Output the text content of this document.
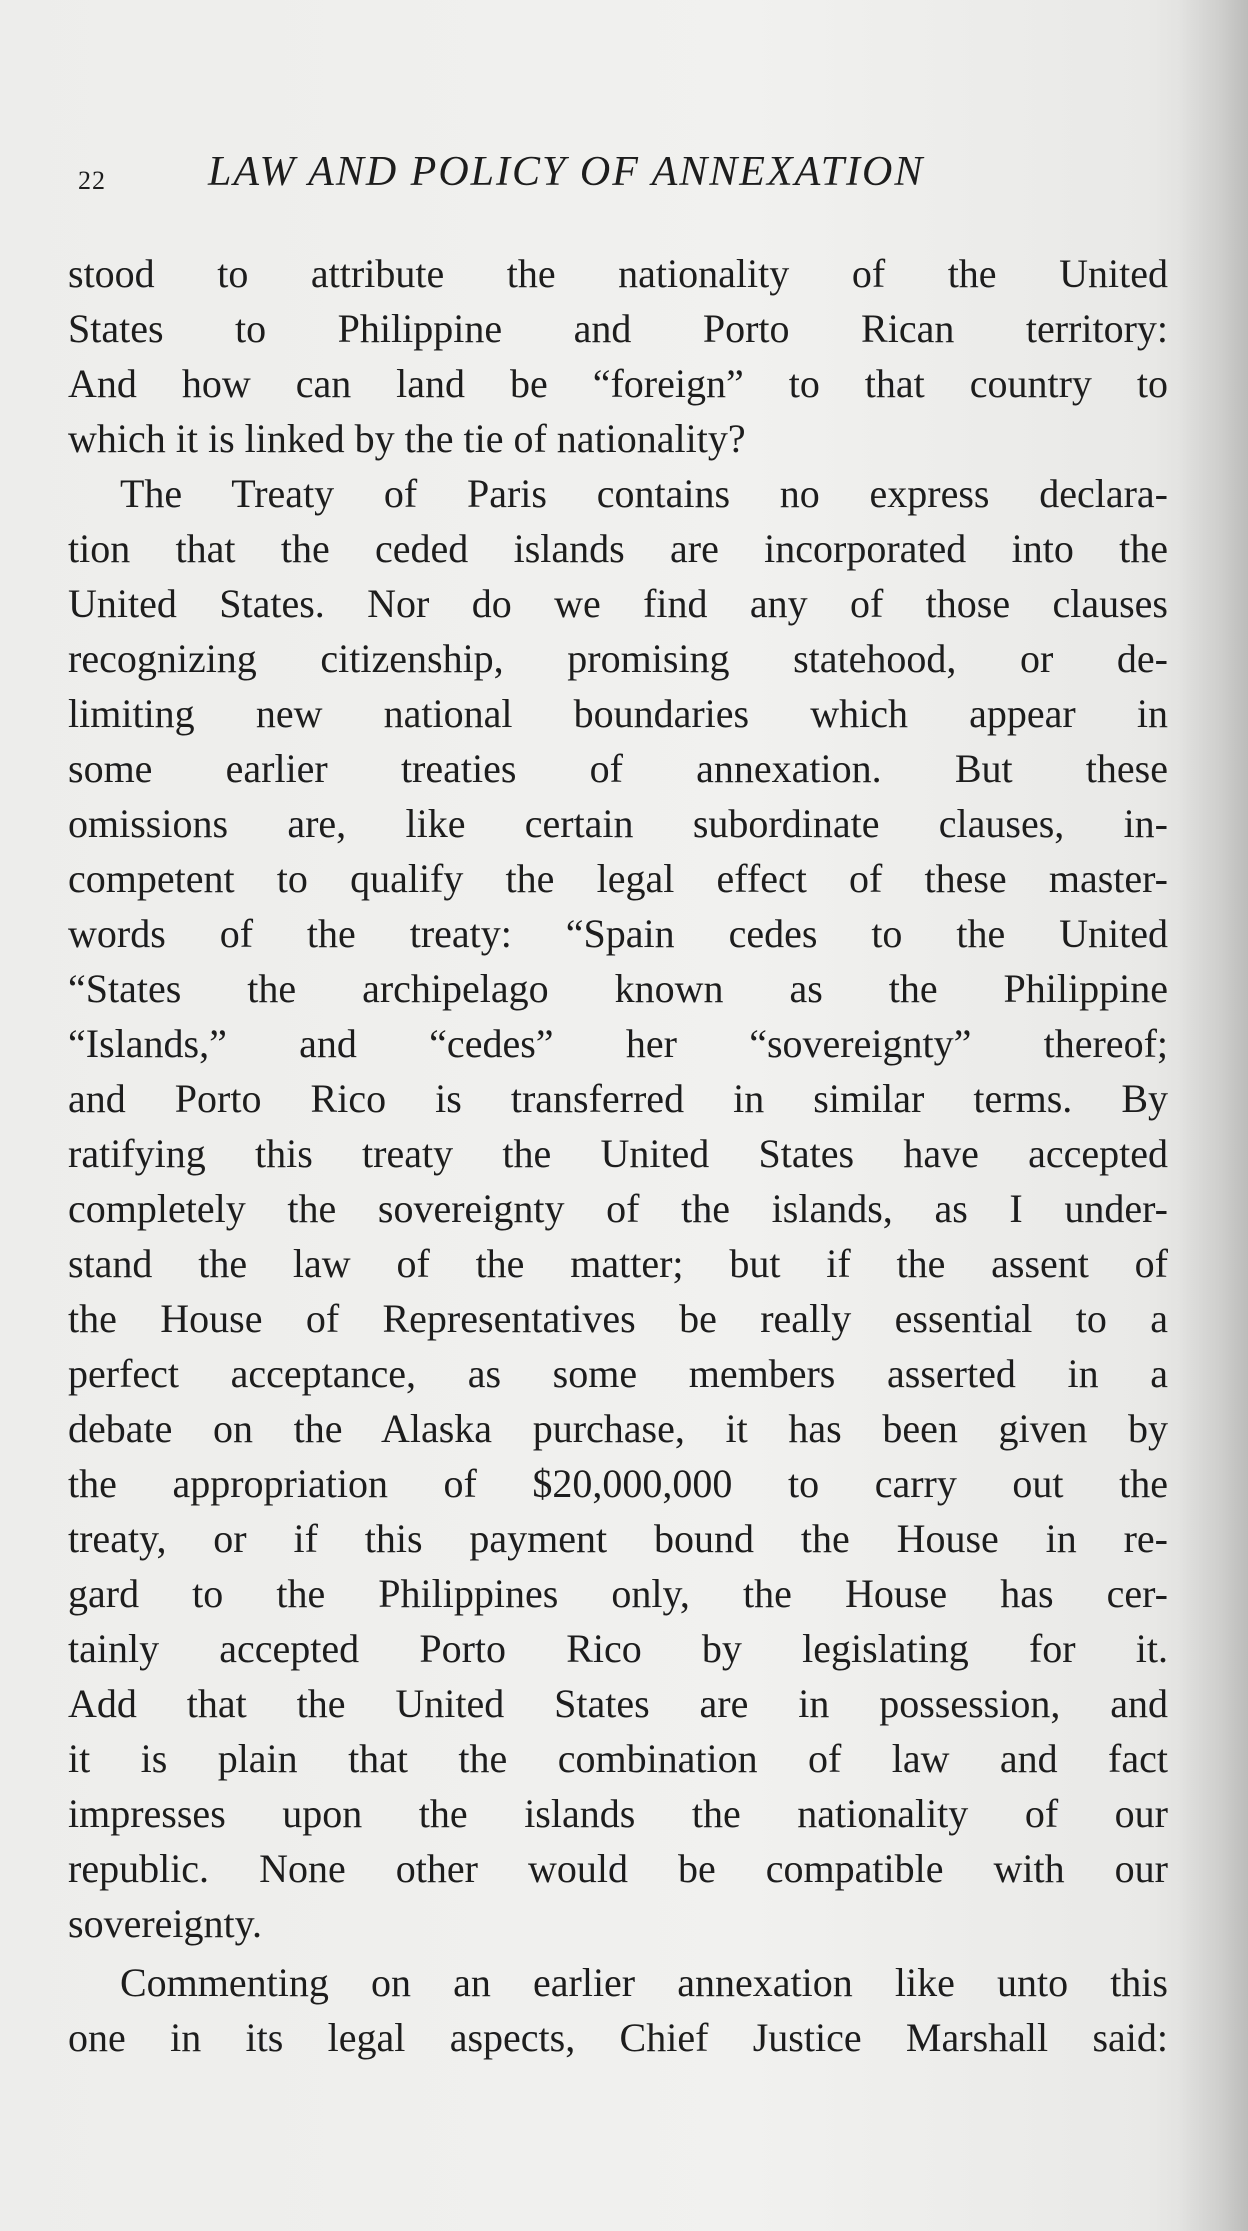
22 LAW AND POLICY OF ANNEXATION
stood to attribute the nationality of the United
States to Philippine and Porto Rican territory:
And how can land be “foreign” to that country to
which it is linked by the tie of nationality?
The Treaty of Paris contains no express declara-
tion that the ceded islands are incorporated into the
United States. Nor do we find any of those clauses
recognizing citizenship, promising statehood, or de-
limiting new national boundaries which appear in
some earlier treaties of annexation. But these
omissions are, like certain subordinate clauses, in-
competent to qualify the legal effect of these master-
words of the treaty: “Spain cedes to the United
“States the archipelago known as the Philippine
“Islands,” and “cedes” her “sovereignty” thereof;
and Porto Rico is transferred in similar terms. By
ratifying this treaty the United States have accepted
completely the sovereignty of the islands, as I under-
stand the law of the matter; but if the assent of
the House of Representatives be really essential to a
perfect acceptance, as some members asserted in a
debate on the Alaska purchase, it has been given by
the appropriation of $20,000,000 to carry out the
treaty, or if this payment bound the House in re-
gard to the Philippines only, the House has cer-
tainly accepted Porto Rico by legislating for it.
Add that the United States are in possession, and
it is plain that the combination of law and fact
impresses upon the islands the nationality of our
republic. None other would be compatible with our
sovereignty.
Commenting on an earlier annexation like unto this
one in its legal aspects, Chief Justice Marshall said:
